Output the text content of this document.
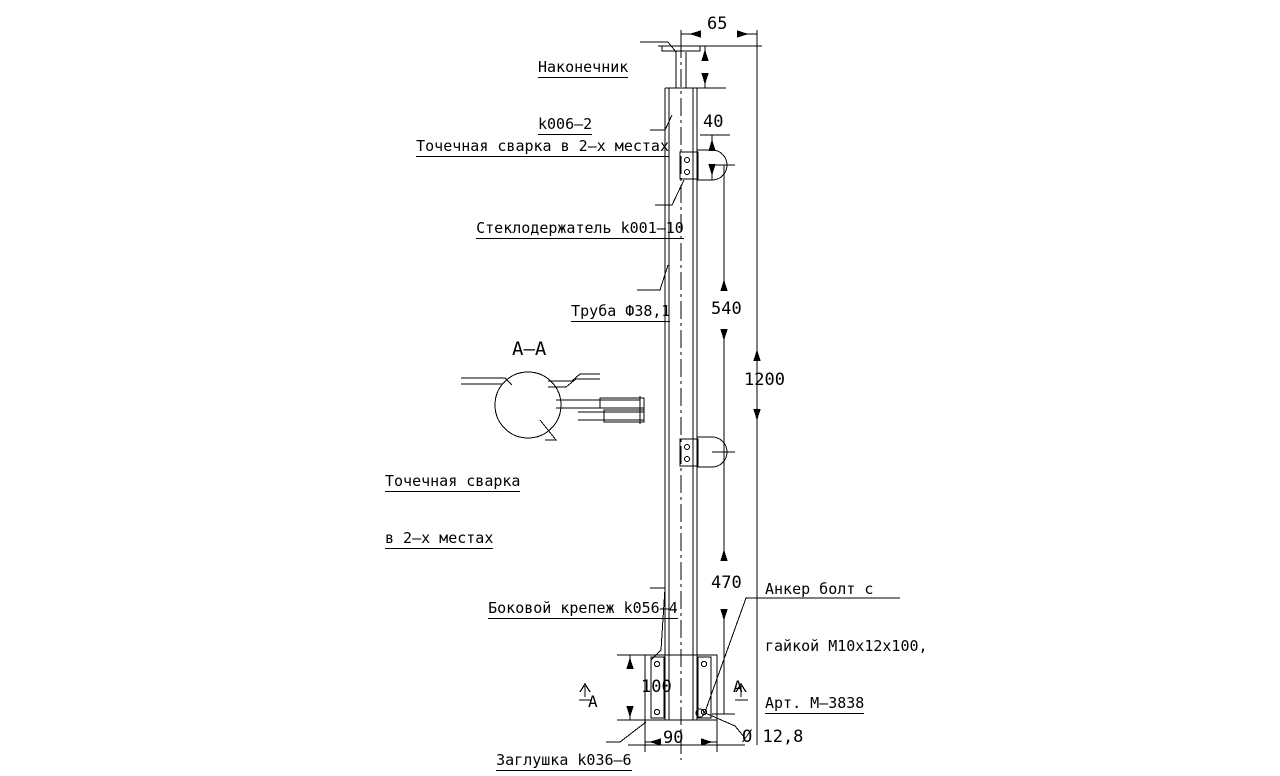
Наконечник

k006–2

Точечная сварка в 2–х местах

Стеклодержатель k001–10

Труба Ф38,1

Точечная сварка

в 2–х местах

Боковой крепеж k056–4

Анкер болт с

гайкой M10x12x100,

Арт. M–3838

Заглушка k036–6

65
40
540
1200
470
100
90	Ø 12,8
A–A
A
A
